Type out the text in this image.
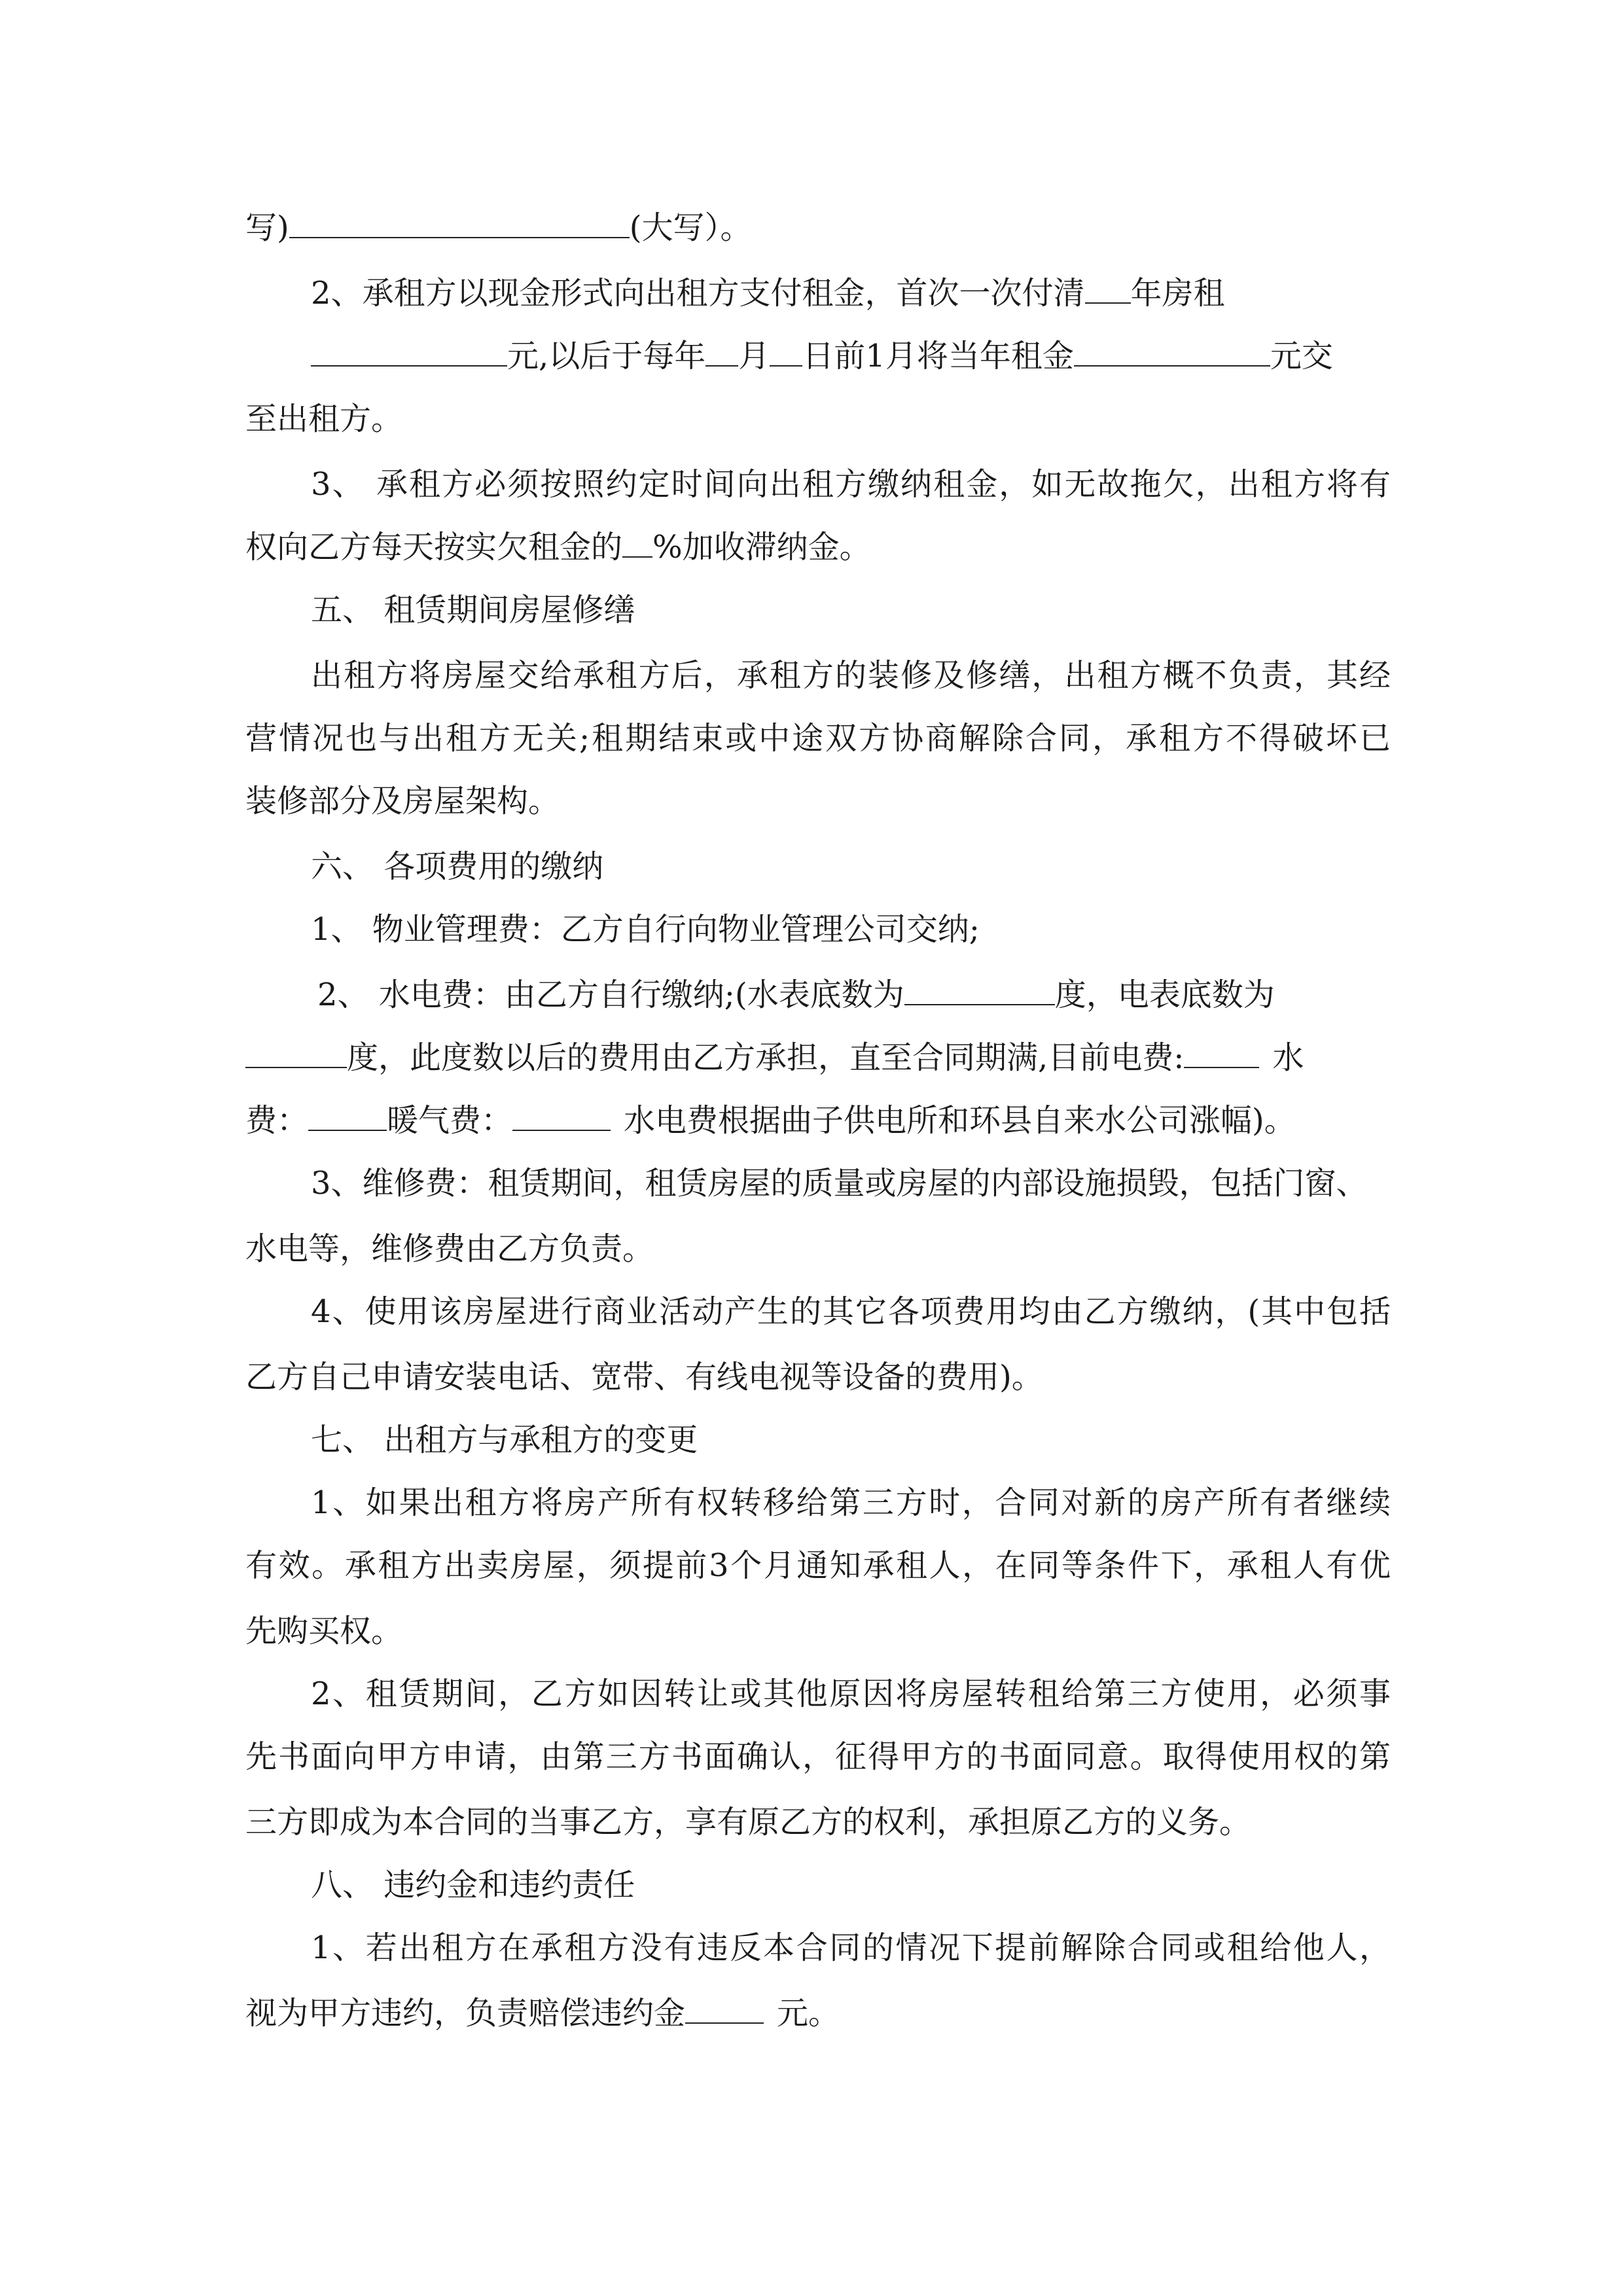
写)	(大写）。
2、承租方以现金形式向出租方支付租金，首次一次付清 年房租
元,以后于每年 月 日前1月将当年租金	元交
至出租方。
3、 承租方必须按照约定时间向出租方缴纳租金，如无故拖欠，出租方将有
权向乙方每天按实欠租金的 %加收滞纳金。
五、 租赁期间房屋修缮
出租方将房屋交给承租方后，承租方的装修及修缮，出租方概不负责，其经
营情况也与出租方无关;租期结束或中途双方协商解除合同，承租方不得破坏已
装修部分及房屋架构。
六、 各项费用的缴纳
1、 物业管理费：乙方自行向物业管理公司交纳;
2、 水电费：由乙方自行缴纳;(水表底数为	度，电表底数为
度，此度数以后的费用由乙方承担，直至合同期满,目前电费:	水
费：	暖气费：	水电费根据曲子供电所和环县自来水公司涨幅)。
3、维修费：租赁期间，租赁房屋的质量或房屋的内部设施损毁，包括门窗、
水电等，维修费由乙方负责。
4、使用该房屋进行商业活动产生的其它各项费用均由乙方缴纳，(其中包括
乙方自己申请安装电话、宽带、有线电视等设备的费用)。
七、 出租方与承租方的变更
1、如果出租方将房产所有权转移给第三方时，合同对新的房产所有者继续
有效。承租方出卖房屋，须提前3个月通知承租人，在同等条件下，承租人有优
先购买权。
2、租赁期间，乙方如因转让或其他原因将房屋转租给第三方使用，必须事
先书面向甲方申请，由第三方书面确认，征得甲方的书面同意。取得使用权的第
三方即成为本合同的当事乙方，享有原乙方的权利，承担原乙方的义务。
八、 违约金和违约责任
1、若出租方在承租方没有违反本合同的情况下提前解除合同或租给他人，
视为甲方违约，负责赔偿违约金	元。
